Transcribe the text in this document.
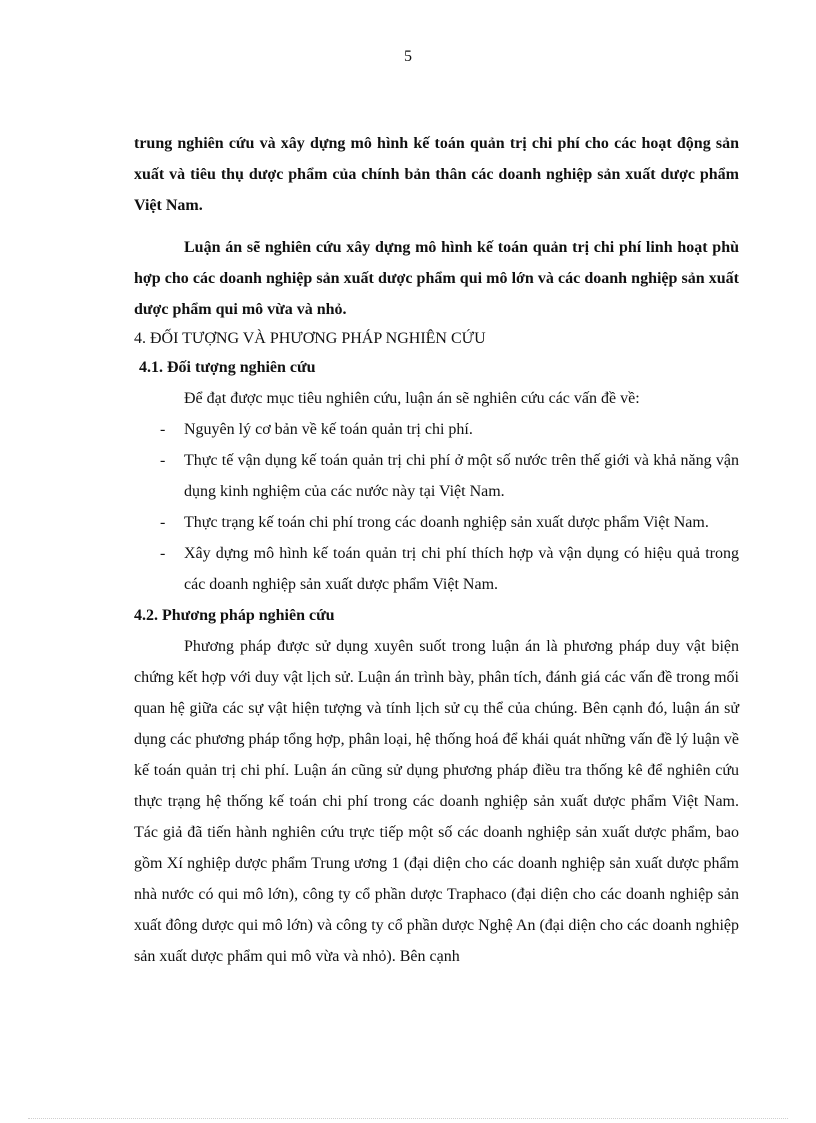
5

trung nghiên cứu và xây dựng mô hình kế toán quản trị chi phí cho các hoạt động sản xuất và tiêu thụ dược phẩm của chính bản thân các doanh nghiệp sản xuất dược phẩm Việt Nam.

Luận án sẽ nghiên cứu xây dựng mô hình kế toán quản trị chi phí linh hoạt phù hợp cho các doanh nghiệp sản xuất dược phẩm qui mô lớn và các doanh nghiệp sản xuất dược phẩm qui mô vừa và nhỏ.

4. ĐỐI TƯỢNG VÀ PHƯƠNG PHÁP NGHIÊN CỨU

4.1. Đối tượng nghiên cứu

Để đạt được mục tiêu nghiên cứu, luận án sẽ nghiên cứu các vấn đề về:

- Nguyên lý cơ bản về kế toán quản trị chi phí.
- Thực tế vận dụng kế toán quản trị chi phí ở một số nước trên thế giới và khả năng vận dụng kinh nghiệm của các nước này tại Việt Nam.
- Thực trạng kế toán chi phí trong các doanh nghiệp sản xuất dược phẩm Việt Nam.
- Xây dựng mô hình kế toán quản trị chi phí thích hợp và vận dụng có hiệu quả trong các doanh nghiệp sản xuất dược phẩm Việt Nam.

4.2. Phương pháp nghiên cứu

Phương pháp được sử dụng xuyên suốt trong luận án là phương pháp duy vật biện chứng kết hợp với duy vật lịch sử. Luận án trình bày, phân tích, đánh giá các vấn đề trong mối quan hệ giữa các sự vật hiện tượng và tính lịch sử cụ thể của chúng. Bên cạnh đó, luận án sử dụng các phương pháp tổng hợp, phân loại, hệ thống hoá để khái quát những vấn đề lý luận về kế toán quản trị chi phí. Luận án cũng sử dụng phương pháp điều tra thống kê để nghiên cứu thực trạng hệ thống kế toán chi phí trong các doanh nghiệp sản xuất dược phẩm Việt Nam. Tác giả đã tiến hành nghiên cứu trực tiếp một số các doanh nghiệp sản xuất dược phẩm, bao gồm Xí nghiệp dược phẩm Trung ương 1 (đại diện cho các doanh nghiệp sản xuất dược phẩm nhà nước có qui mô lớn), công ty cổ phần dược Traphaco (đại diện cho các doanh nghiệp sản xuất đông dược qui mô lớn) và công ty cổ phần dược Nghệ An (đại diện cho các doanh nghiệp sản xuất dược phẩm qui mô vừa và nhỏ). Bên cạnh
